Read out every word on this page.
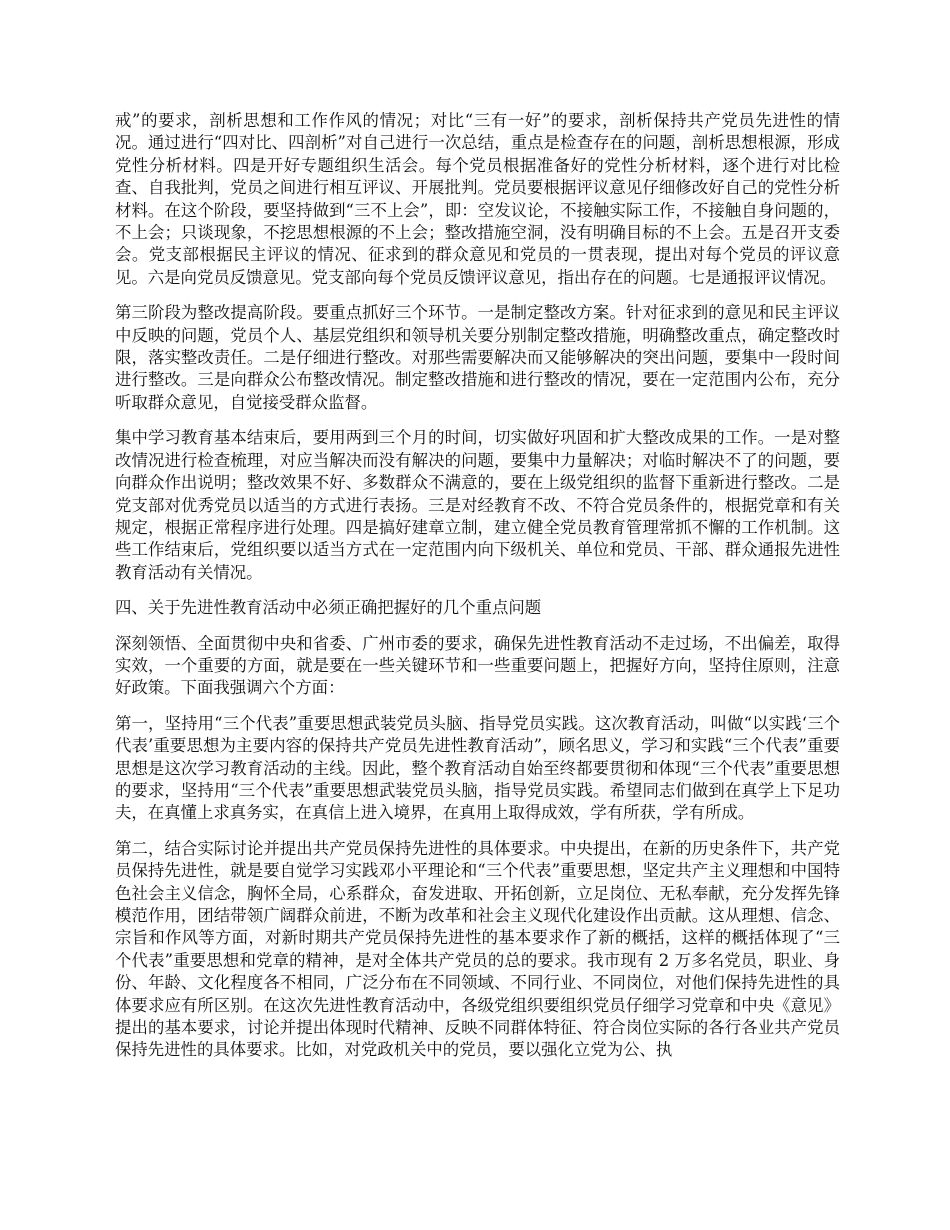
戒”的要求，剖析思想和工作作风的情况；对比“三有一好”的要求，剖析保持共产党员先进性的情况。通过进行“四对比、四剖析”对自己进行一次总结，重点是检查存在的问题，剖析思想根源，形成党性分析材料。四是开好专题组织生活会。每个党员根据准备好的党性分析材料，逐个进行对比检查、自我批判，党员之间进行相互评议、开展批判。党员要根据评议意见仔细修改好自己的党性分析材料。在这个阶段，要坚持做到“三不上会”，即：空发议论，不接触实际工作，不接触自身问题的，不上会；只谈现象，不挖思想根源的不上会；整改措施空洞，没有明确目标的不上会。五是召开支委会。党支部根据民主评议的情况、征求到的群众意见和党员的一贯表现，提出对每个党员的评议意见。六是向党员反馈意见。党支部向每个党员反馈评议意见，指出存在的问题。七是通报评议情况。

第三阶段为整改提高阶段。要重点抓好三个环节。一是制定整改方案。针对征求到的意见和民主评议中反映的问题，党员个人、基层党组织和领导机关要分别制定整改措施，明确整改重点，确定整改时限，落实整改责任。二是仔细进行整改。对那些需要解决而又能够解决的突出问题，要集中一段时间进行整改。三是向群众公布整改情况。制定整改措施和进行整改的情况，要在一定范围内公布，充分听取群众意见，自觉接受群众监督。

集中学习教育基本结束后，要用两到三个月的时间，切实做好巩固和扩大整改成果的工作。一是对整改情况进行检查梳理，对应当解决而没有解决的问题，要集中力量解决；对临时解决不了的问题，要向群众作出说明；整改效果不好、多数群众不满意的，要在上级党组织的监督下重新进行整改。二是党支部对优秀党员以适当的方式进行表扬。三是对经教育不改、不符合党员条件的，根据党章和有关规定，根据正常程序进行处理。四是搞好建章立制，建立健全党员教育管理常抓不懈的工作机制。这些工作结束后，党组织要以适当方式在一定范围内向下级机关、单位和党员、干部、群众通报先进性教育活动有关情况。

四、关于先进性教育活动中必须正确把握好的几个重点问题

深刻领悟、全面贯彻中央和省委、广州市委的要求，确保先进性教育活动不走过场，不出偏差，取得实效，一个重要的方面，就是要在一些关键环节和一些重要问题上，把握好方向，坚持住原则，注意好政策。下面我强调六个方面：

第一，坚持用“三个代表”重要思想武装党员头脑、指导党员实践。这次教育活动，叫做“以实践‘三个代表’重要思想为主要内容的保持共产党员先进性教育活动”，顾名思义，学习和实践“三个代表”重要思想是这次学习教育活动的主线。因此，整个教育活动自始至终都要贯彻和体现“三个代表”重要思想的要求，坚持用“三个代表”重要思想武装党员头脑，指导党员实践。希望同志们做到在真学上下足功夫，在真懂上求真务实，在真信上进入境界，在真用上取得成效，学有所获，学有所成。

第二，结合实际讨论并提出共产党员保持先进性的具体要求。中央提出，在新的历史条件下，共产党员保持先进性，就是要自觉学习实践邓小平理论和“三个代表”重要思想，坚定共产主义理想和中国特色社会主义信念，胸怀全局，心系群众，奋发进取、开拓创新，立足岗位、无私奉献，充分发挥先锋模范作用，团结带领广阔群众前进，不断为改革和社会主义现代化建设作出贡献。这从理想、信念、宗旨和作风等方面，对新时期共产党员保持先进性的基本要求作了新的概括，这样的概括体现了“三个代表”重要思想和党章的精神，是对全体共产党员的总的要求。我市现有 2 万多名党员，职业、身份、年龄、文化程度各不相同，广泛分布在不同领域、不同行业、不同岗位，对他们保持先进性的具体要求应有所区别。在这次先进性教育活动中，各级党组织要组织党员仔细学习党章和中央《意见》提出的基本要求，讨论并提出体现时代精神、反映不同群体特征、符合岗位实际的各行各业共产党员保持先进性的具体要求。比如，对党政机关中的党员，要以强化立党为公、执
